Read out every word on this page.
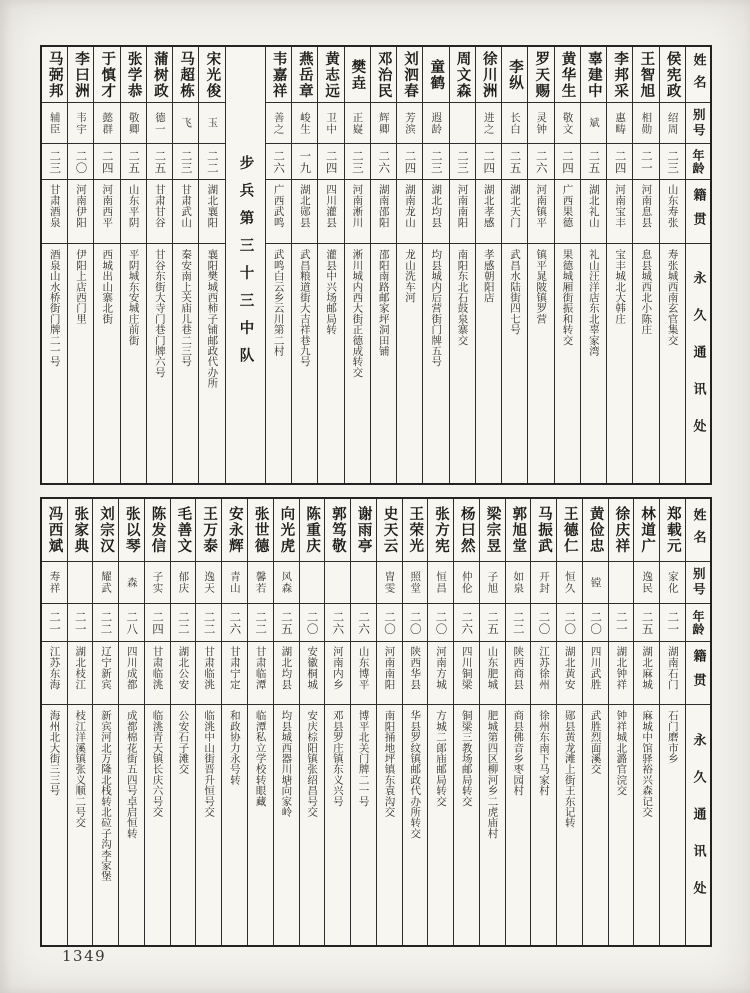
姓名
别号
年龄
籍贯
永久通讯处
侯宪政
绍周
二三
山东寿张
寿张城西南玄官集交
王智旭
相勋
二一
河南息县
息县城西北小陈庄
李邦采
惠畴
二四
河南宝丰
宝丰城北大韩庄
辜建中
斌
二五
湖北礼山
礼山汪洋店东北辜家湾
黄华生
敬文
二四
广西果德
果德城厢街振和转交
罗天赐
灵钟
二六
河南镇平
镇平晁陂镇罗营
李纵
长白
二五
湖北天门
武昌水陆街四七号
徐川洲
进之
二四
湖北孝感
孝感朝阳店
周文森
二三
河南南阳
南阳东北石鼓泉寨交
童鹤
遐龄
二三
湖北均县
均县城内后营街门牌五号
刘泗春
芳滨
二四
湖南龙山
龙山洗车河
邓治民
辉卿
二六
湖南邵阳
邵阳南路邮家坪洞田铺
樊垚
正嶷
二三
河南淅川
淅川城内西大街正德成转交
黄志远
卫中
二四
四川灌县
灌县中兴场邮局转
燕岳章
峻生
一九
湖北郧县
武昌粮道街大吉祥巷九号
韦嘉祥
善之
二六
广西武鸣
武鸣白云乡云川第二村
步兵第三十三中队
宋光俊
玉
二二
湖北襄阳
襄阳樊城西柿子铺邮政代办所
马超栋
飞
二三
甘肃武山
秦安南上关庙儿巷二三号
蒲树政
德一
二五
甘肃甘谷
甘谷东街大寺门巷门牌六号
张学恭
敬卿
二五
山东平阴
平阴城东安城庄前街
于慎才
懿群
二四
河南西平
西城出山寨北街
李曰洲
韦宇
二〇
河南伊阳
伊阳上店西门里
马弼邦
辅臣
二三
甘肃酒泉
酒泉山水桥街门牌二一号
姓名
别号
年龄
籍贯
永久通讯处
郑载元
家化
二一
湖南石门
石门磨市乡
林道广
逸民
二五
湖北麻城
麻城中馆驿裕兴森记交
徐庆祥
二一
湖北钟祥
钟祥城北潞官浣交
黄俭忠
镗
二〇
四川武胜
武胜烈面溪交
王德仁
恒久
二〇
湖北黄安
郧县黄龙滩上街王东记转
马振武
开封
二〇
江苏徐州
徐州东南下马家村
郭旭堂
如泉
二二
陕西商县
商县佛音乡枣园村
梁宗昱
子旭
二五
山东肥城
肥城第四区柳河乡二虎庙村
杨曰然
仲伦
二六
四川铜梁
铜梁三教场邮局转交
张方宪
恒昌
二〇
河南方城
方城二郎庙邮局转交
王荣光
照堂
二〇
陕西华县
华县罗纹镇邮政代办所转交
史天云
胄雯
二〇
河南南阳
南阳捅地坪镇东袁沟交
谢雨亭
二六
山东博平
博平北关门牌二一号
郭笃敬
二六
河南内乡
邓县罗庄镇东义兴号
陈重庆
二〇
安徽桐城
安庆棕阳镇张绍昌号交
向光虎
风森
二五
湖北均县
均县城西器川塘向家岭
张世德
馨若
二二
甘肃临潭
临潭私立学校转眼藏
安永辉
青山
二六
甘肃宁定
和政协力永号转
王万泰
逸天
二二
甘肃临洮
临洮中山街晋升恒号交
毛善文
郁庆
二二
湖北公安
公安石子滩交
陈发信
子实
二四
甘肃临洮
临洮青天镇长庆六号交
张以琴
森
二八
四川成都
成都棉花街五四号卓启恒转
刘宗汉
耀武
二二
辽宁新宾
新宾河北万隆北栈转北砬子沟李家堡
张家典
二一
湖北枝江
枝江洋溪镇张义顺二号交
冯西斌
寿祥
二一
江苏东海
海州北大街三三号
1349
